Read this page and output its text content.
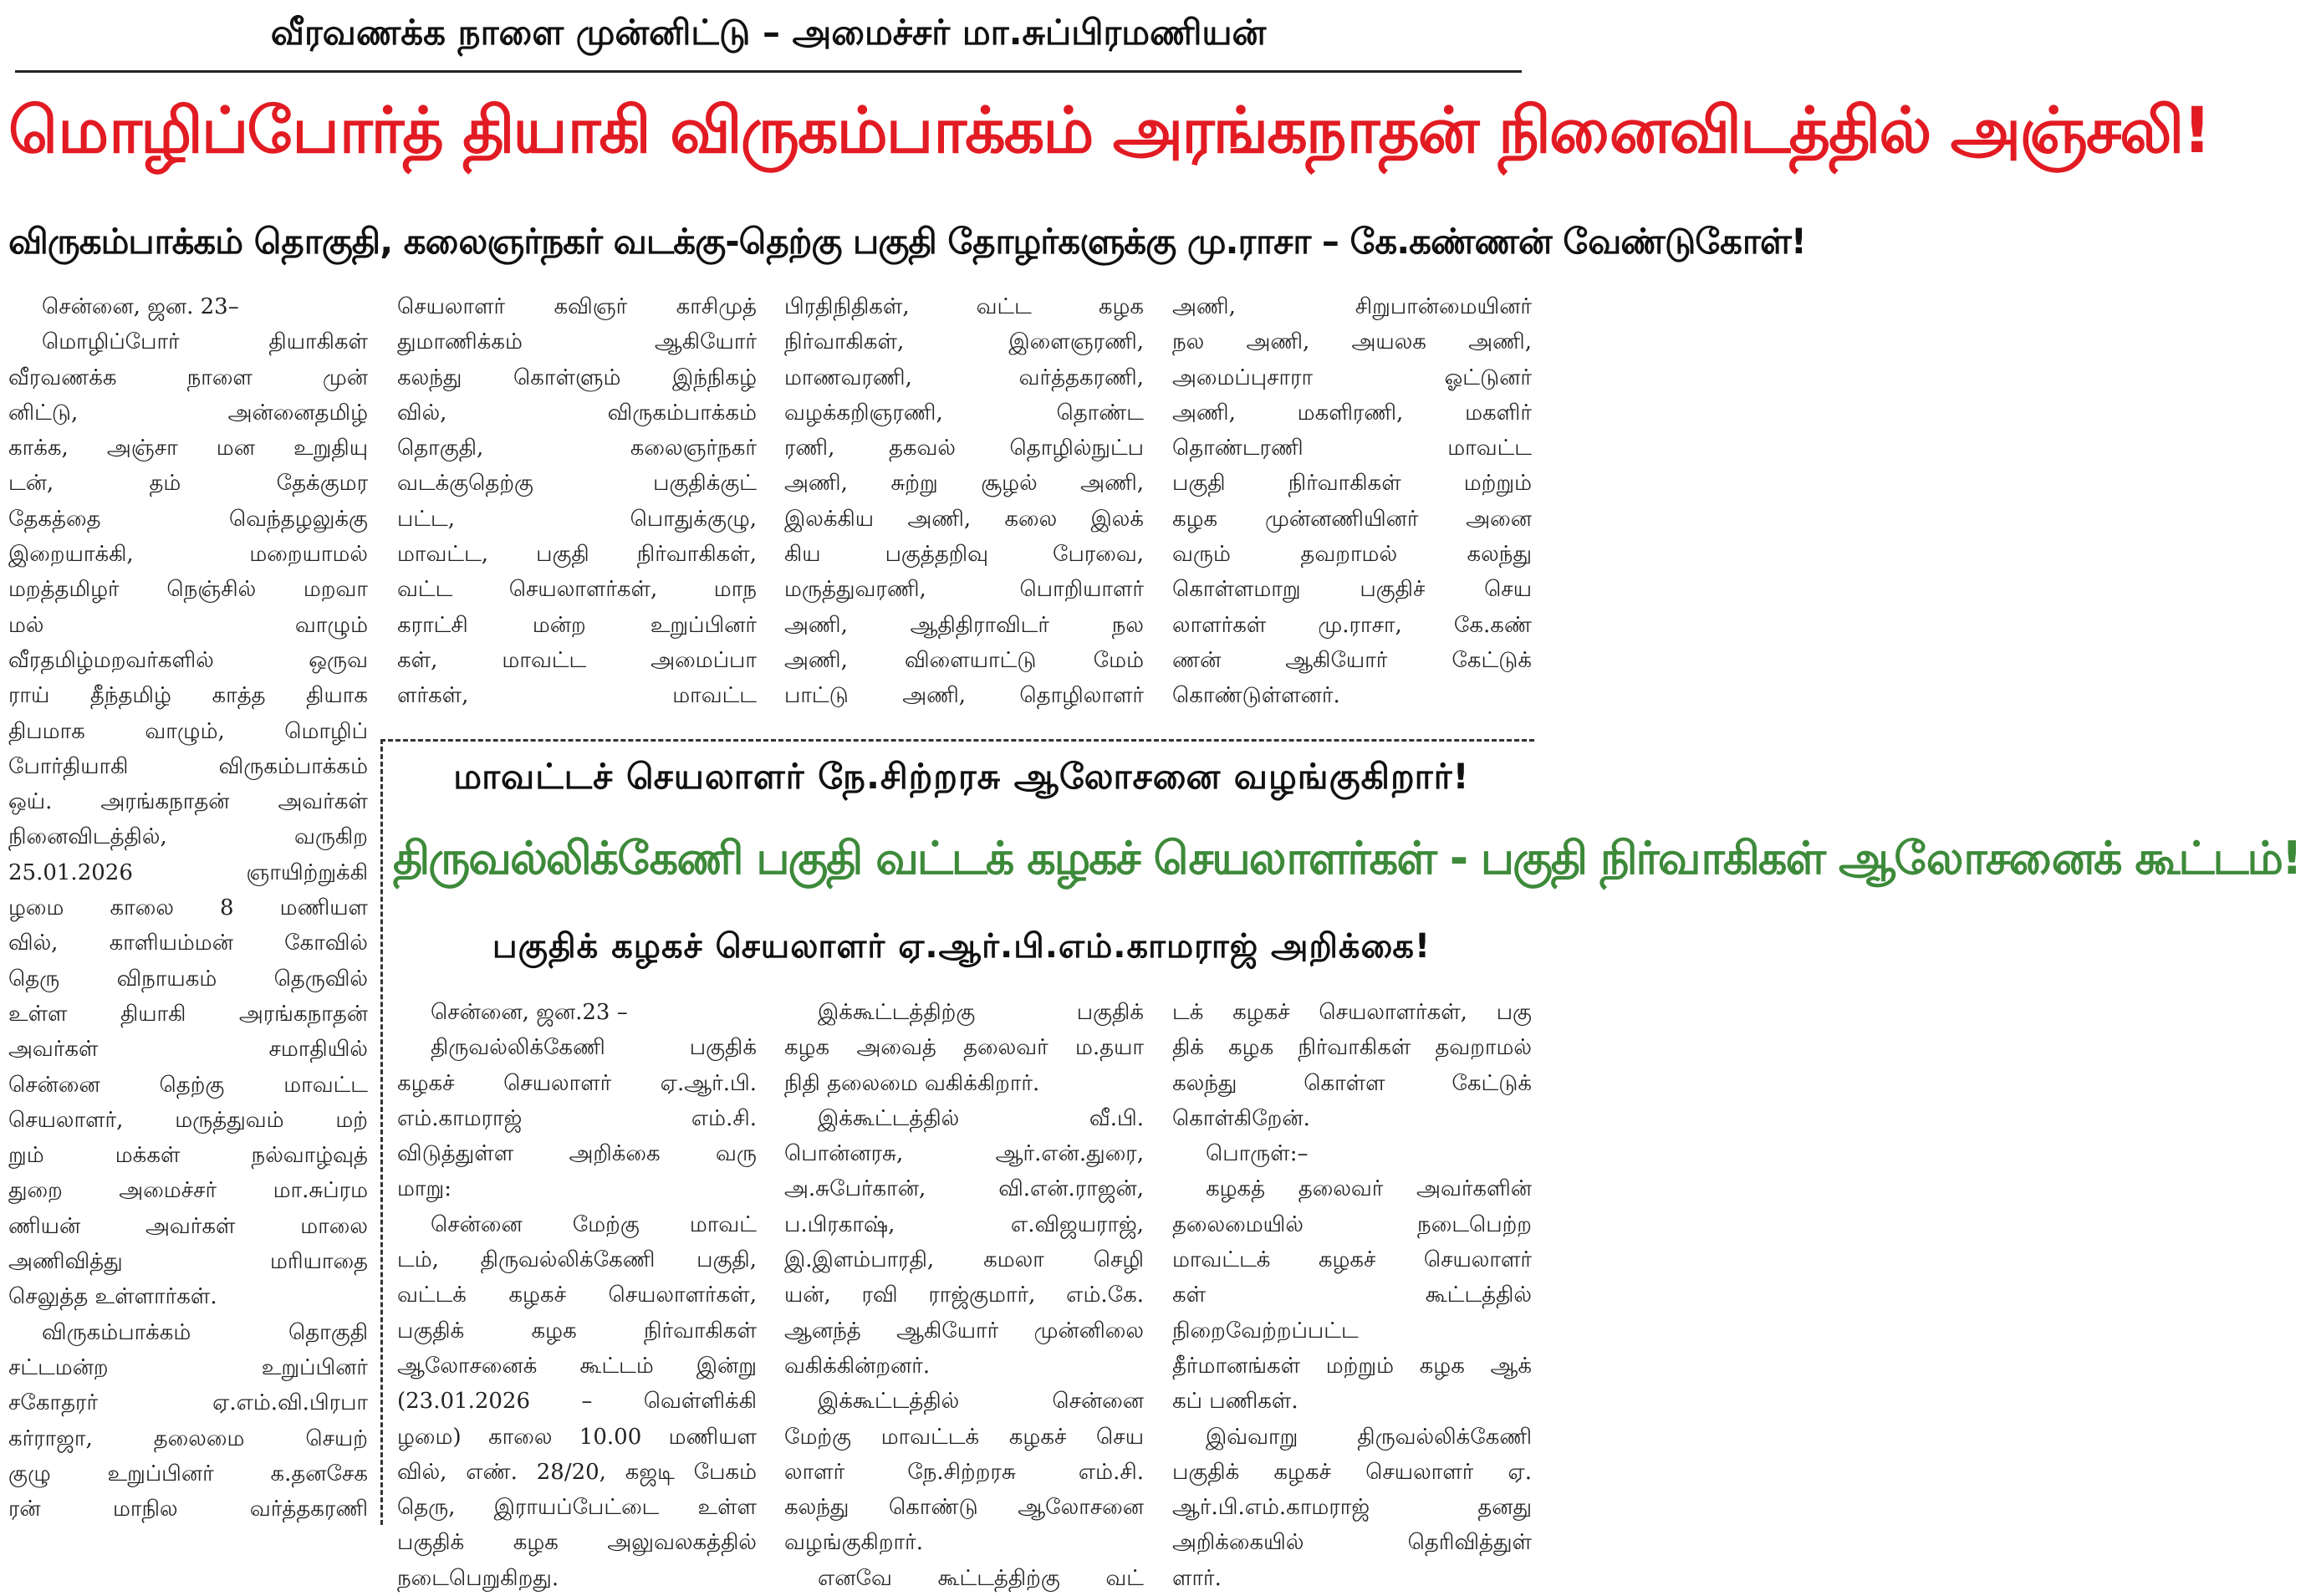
வீரவணக்க நாளை முன்னிட்டு – அமைச்சர் மா.சுப்பிரமணியன்
மொழிப்போர்த் தியாகி விருகம்பாக்கம் அரங்கநாதன் நினைவிடத்தில் அஞ்சலி!
விருகம்பாக்கம் தொகுதி, கலைஞர்நகர் வடக்கு-தெற்கு பகுதி தோழர்களுக்கு மு.ராசா – கே.கண்ணன் வேண்டுகோள்!
சென்னை, ஜன. 23–
மொழிப்போர் தியாகிகள்
வீரவணக்க நாளை முன்
னிட்டு, அன்னைதமிழ்
காக்க, அஞ்சா மன உறுதியு
டன், தம் தேக்குமர
தேகத்தை வெந்தழலுக்கு
இறையாக்கி, மறையாமல்
மறத்தமிழர் நெஞ்சில் மறவா
மல் வாழும்
வீரதமிழ்மறவர்களில் ஒருவ
ராய் தீந்தமிழ் காத்த தியாக
திபமாக வாழும், மொழிப்
போர்தியாகி விருகம்பாக்கம்
ஒய். அரங்கநாதன் அவர்கள்
நினைவிடத்தில், வருகிற
25.01.2026 ஞாயிற்றுக்கி
ழமை காலை 8 மணியள
வில், காளியம்மன் கோவில்
தெரு விநாயகம் தெருவில்
உள்ள தியாகி அரங்கநாதன்
அவர்கள் சமாதியில்
சென்னை தெற்கு மாவட்ட
செயலாளர், மருத்துவம் மற்
றும் மக்கள் நல்வாழ்வுத்
துறை அமைச்சர் மா.சுப்ரம
ணியன் அவர்கள் மாலை
அணிவித்து மரியாதை
செலுத்த உள்ளார்கள்.
விருகம்பாக்கம் தொகுதி
சட்டமன்ற உறுப்பினர்
சகோதரர் ஏ.எம்.வி.பிரபா
கர்ராஜா, தலைமை செயற்
குழு உறுப்பினர் க.தனசேக
ரன் மாநில வர்த்தகரணி
செயலாளர் கவிஞர் காசிமுத்
துமாணிக்கம் ஆகியோர்
கலந்து கொள்ளும் இந்நிகழ்
வில், விருகம்பாக்கம்
தொகுதி, கலைஞர்நகர்
வடக்குதெற்கு பகுதிக்குட்
பட்ட, பொதுக்குழு,
மாவட்ட, பகுதி நிர்வாகிகள்,
வட்ட செயலாளர்கள், மாந
கராட்சி மன்ற உறுப்பினர்
கள், மாவட்ட அமைப்பா
ளர்கள், மாவட்ட
பிரதிநிதிகள், வட்ட கழக
நிர்வாகிகள், இளைஞரணி,
மாணவரணி, வர்த்தகரணி,
வழக்கறிஞரணி, தொண்ட
ரணி, தகவல் தொழில்நுட்ப
அணி, சுற்று சூழல் அணி,
இலக்கிய அணி, கலை இலக்
கிய பகுத்தறிவு பேரவை,
மருத்துவரணி, பொறியாளர்
அணி, ஆதிதிராவிடர் நல
அணி, விளையாட்டு மேம்
பாட்டு அணி, தொழிலாளர்
அணி, சிறுபான்மையினர்
நல அணி, அயலக அணி,
அமைப்புசாரா ஓட்டுனர்
அணி, மகளிரணி, மகளிர்
தொண்டரணி மாவட்ட
பகுதி நிர்வாகிகள் மற்றும்
கழக முன்னணியினர் அனை
வரும் தவறாமல் கலந்து
கொள்ளமாறு பகுதிச் செய
லாளர்கள் மு.ராசா, கே.கண்
ணன் ஆகியோர் கேட்டுக்
கொண்டுள்ளனர்.
மாவட்டச் செயலாளர் நே.சிற்றரசு ஆலோசனை வழங்குகிறார்!
திருவல்லிக்கேணி பகுதி வட்டக் கழகச் செயலாளர்கள் - பகுதி நிர்வாகிகள் ஆலோசனைக் கூட்டம்!
பகுதிக் கழகச் செயலாளர் ஏ.ஆர்.பி.எம்.காமராஜ் அறிக்கை!
சென்னை, ஜன.23 –
திருவல்லிக்கேணி பகுதிக்
கழகச் செயலாளர் ஏ.ஆர்.பி.
எம்.காமராஜ் எம்.சி.
விடுத்துள்ள அறிக்கை வரு
மாறு:
சென்னை மேற்கு மாவட்
டம், திருவல்லிக்கேணி பகுதி,
வட்டக் கழகச் செயலாளர்கள்,
பகுதிக் கழக நிர்வாகிகள்
ஆலோசனைக் கூட்டம் இன்று
(23.01.2026 – வெள்ளிக்கி
ழமை) காலை 10.00 மணியள
வில், எண். 28/20, கஜடி பேகம்
தெரு, இராயப்பேட்டை உள்ள
பகுதிக் கழக அலுவலகத்தில்
நடைபெறுகிறது.
இக்கூட்டத்திற்கு பகுதிக்
கழக அவைத் தலைவர் ம.தயா
நிதி தலைமை வகிக்கிறார்.
இக்கூட்டத்தில் வீ.பி.
பொன்னரசு, ஆர்.என்.துரை,
அ.சுபேர்கான், வி.என்.ராஜன்,
ப.பிரகாஷ், எ.விஜயராஜ்,
இ.இளம்பாரதி, கமலா செழி
யன், ரவி ராஜ்குமார், எம்.கே.
ஆனந்த் ஆகியோர் முன்னிலை
வகிக்கின்றனர்.
இக்கூட்டத்தில் சென்னை
மேற்கு மாவட்டக் கழகச் செய
லாளர் நே.சிற்றரசு எம்.சி.
கலந்து கொண்டு ஆலோசனை
வழங்குகிறார்.
எனவே கூட்டத்திற்கு வட்
டக் கழகச் செயலாளர்கள், பகு
திக் கழக நிர்வாகிகள் தவறாமல்
கலந்து கொள்ள கேட்டுக்
கொள்கிறேன்.
பொருள்:–
கழகத் தலைவர் அவர்களின்
தலைமையில் நடைபெற்ற
மாவட்டக் கழகச் செயலாளர்
கள் கூட்டத்தில்
நிறைவேற்றப்பட்ட
தீர்மானங்கள் மற்றும் கழக ஆக்
கப் பணிகள்.
இவ்வாறு திருவல்லிக்கேணி
பகுதிக் கழகச் செயலாளர் ஏ.
ஆர்.பி.எம்.காமராஜ் தனது
அறிக்கையில் தெரிவித்துள்
ளார்.
